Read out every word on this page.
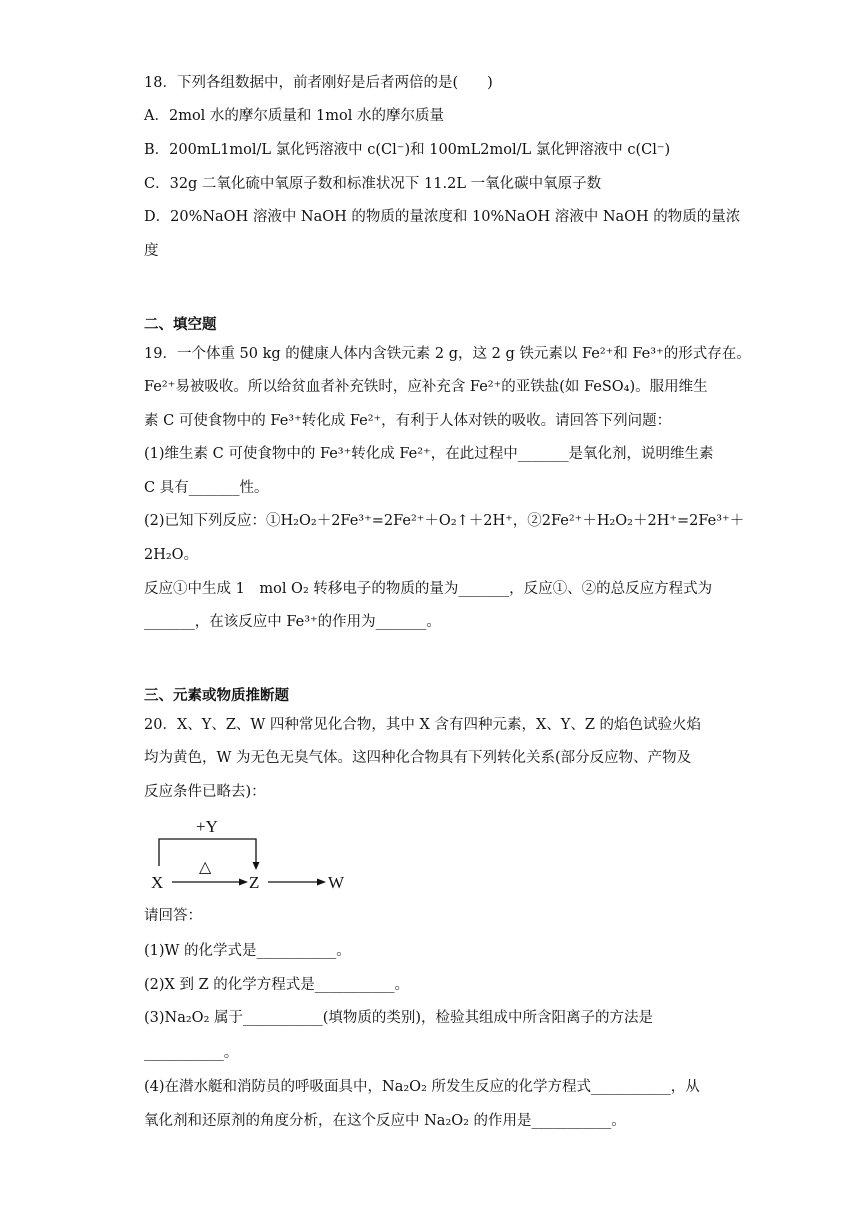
18．下列各组数据中，前者刚好是后者两倍的是(　　)
A．2mol 水的摩尔质量和 1mol 水的摩尔质量
B．200mL1mol/L 氯化钙溶液中 c(Cl⁻)和 100mL2mol/L 氯化钾溶液中 c(Cl⁻)
C．32g 二氧化硫中氧原子数和标准状况下 11.2L 一氧化碳中氧原子数
D．20%NaOH 溶液中 NaOH 的物质的量浓度和 10%NaOH 溶液中 NaOH 的物质的量浓
度
二、填空题
19．一个体重 50 kg 的健康人体内含铁元素 2 g，这 2 g 铁元素以 Fe²⁺和 Fe³⁺的形式存在。
Fe²⁺易被吸收。所以给贫血者补充铁时，应补充含 Fe²⁺的亚铁盐(如 FeSO₄)。服用维生
素 C 可使食物中的 Fe³⁺转化成 Fe²⁺，有利于人体对铁的吸收。请回答下列问题：
(1)维生素 C 可使食物中的 Fe³⁺转化成 Fe²⁺，在此过程中_______是氧化剂，说明维生素
C 具有_______性。
(2)已知下列反应：①H₂O₂＋2Fe³⁺=2Fe²⁺＋O₂↑＋2H⁺，②2Fe²⁺＋H₂O₂＋2H⁺=2Fe³⁺＋
2H₂O。
反应①中生成 1　mol O₂ 转移电子的物质的量为_______，反应①、②的总反应方程式为
_______，在该反应中 Fe³⁺的作用为_______。
三、元素或物质推断题
20．X、Y、Z、W 四种常见化合物，其中 X 含有四种元素，X、Y、Z 的焰色试验火焰
均为黄色，W 为无色无臭气体。这四种化合物具有下列转化关系(部分反应物、产物及
反应条件已略去)：
+Y
△
X	Z	W
请回答：
(1)W 的化学式是___________。
(2)X 到 Z 的化学方程式是___________。
(3)Na₂O₂ 属于___________(填物质的类别)，检验其组成中所含阳离子的方法是
___________。
(4)在潜水艇和消防员的呼吸面具中，Na₂O₂ 所发生反应的化学方程式___________，从
氧化剂和还原剂的角度分析，在这个反应中 Na₂O₂ 的作用是___________。
